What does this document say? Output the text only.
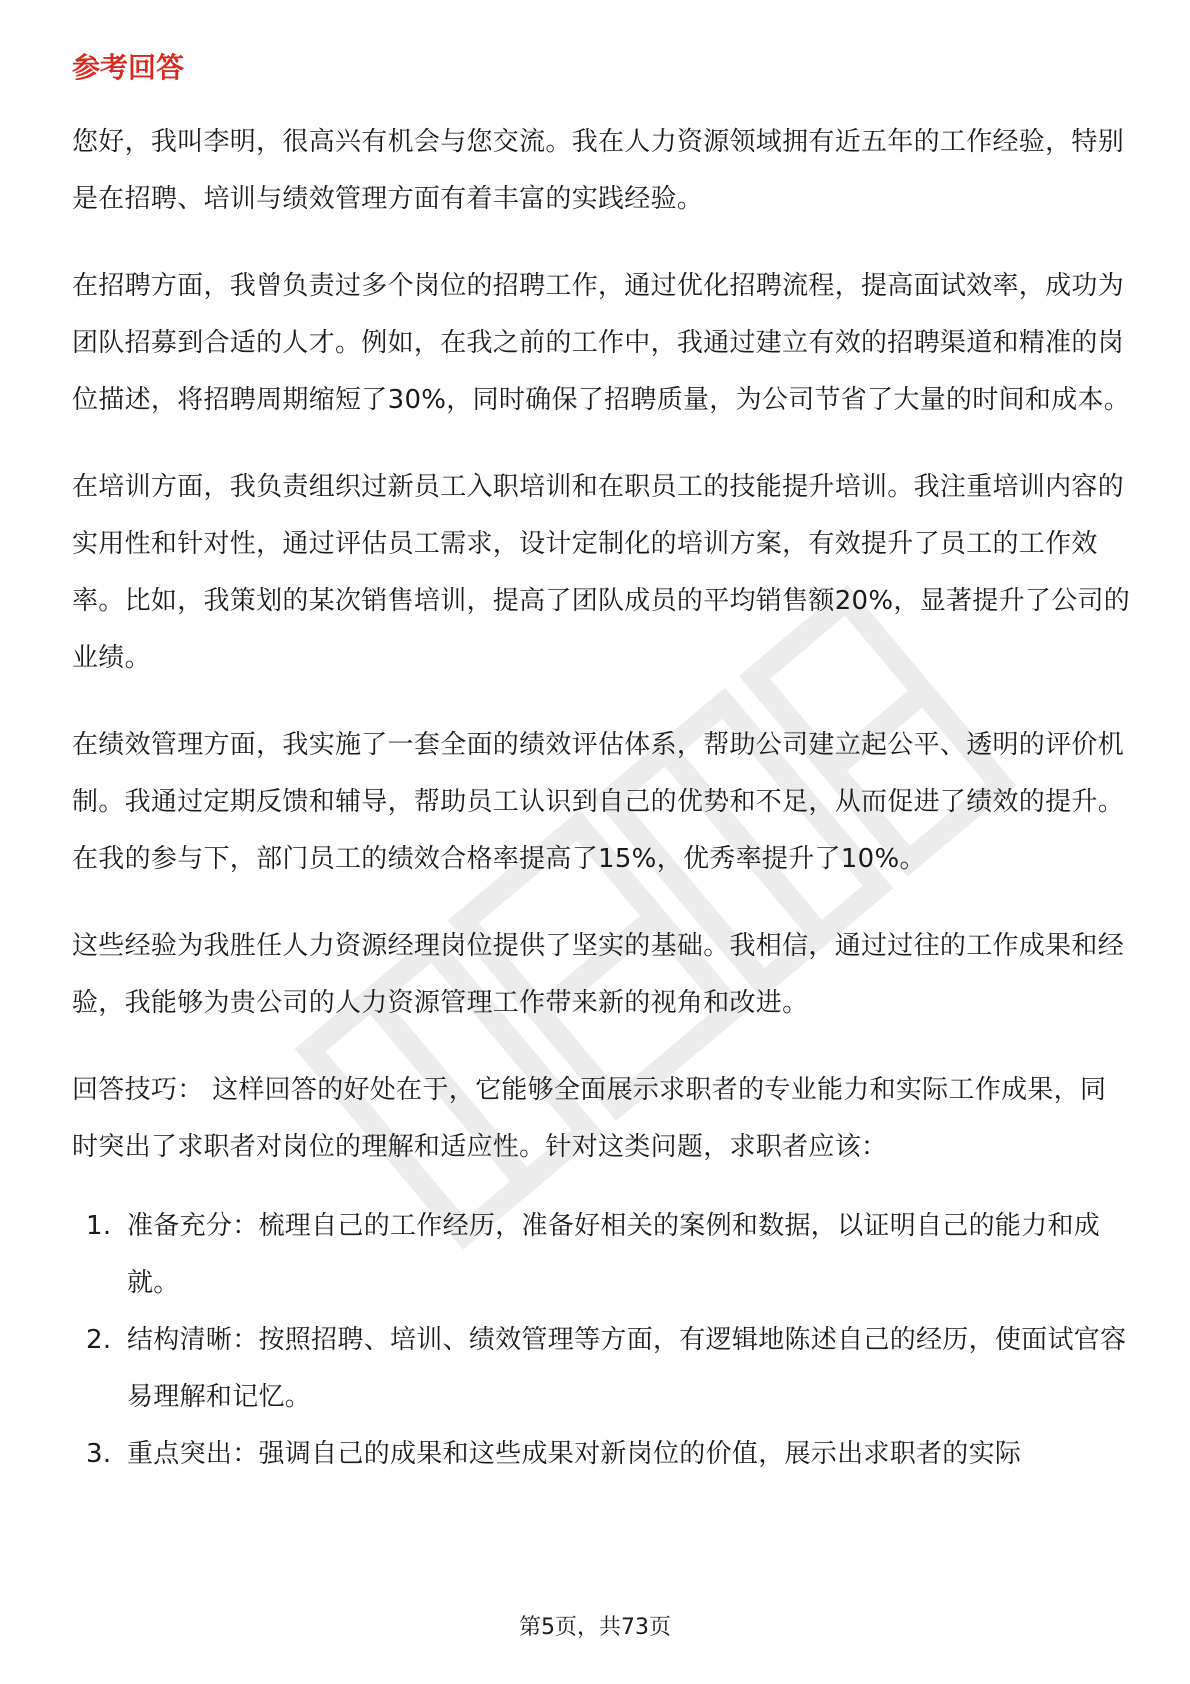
参考回答

您好，我叫李明，很高兴有机会与您交流。我在人力资源领域拥有近五年的工作经验，特别是在招聘、培训与绩效管理方面有着丰富的实践经验。

在招聘方面，我曾负责过多个岗位的招聘工作，通过优化招聘流程，提高面试效率，成功为团队招募到合适的人才。例如，在我之前的工作中，我通过建立有效的招聘渠道和精准的岗位描述，将招聘周期缩短了30%，同时确保了招聘质量，为公司节省了大量的时间和成本。

在培训方面，我负责组织过新员工入职培训和在职员工的技能提升培训。我注重培训内容的实用性和针对性，通过评估员工需求，设计定制化的培训方案，有效提升了员工的工作效率。比如，我策划的某次销售培训，提高了团队成员的平均销售额20%，显著提升了公司的业绩。

在绩效管理方面，我实施了一套全面的绩效评估体系，帮助公司建立起公平、透明的评价机制。我通过定期反馈和辅导，帮助员工认识到自己的优势和不足，从而促进了绩效的提升。在我的参与下，部门员工的绩效合格率提高了15%，优秀率提升了10%。

这些经验为我胜任人力资源经理岗位提供了坚实的基础。我相信，通过过往的工作成果和经验，我能够为贵公司的人力资源管理工作带来新的视角和改进。

回答技巧： 这样回答的好处在于，它能够全面展示求职者的专业能力和实际工作成果，同时突出了求职者对岗位的理解和适应性。针对这类问题，求职者应该：

1. 准备充分：梳理自己的工作经历，准备好相关的案例和数据，以证明自己的能力和成就。
2. 结构清晰：按照招聘、培训、绩效管理等方面，有逻辑地陈述自己的经历，使面试官容易理解和记忆。
3. 重点突出：强调自己的成果和这些成果对新岗位的价值，展示出求职者的实际
第5页，共73页
